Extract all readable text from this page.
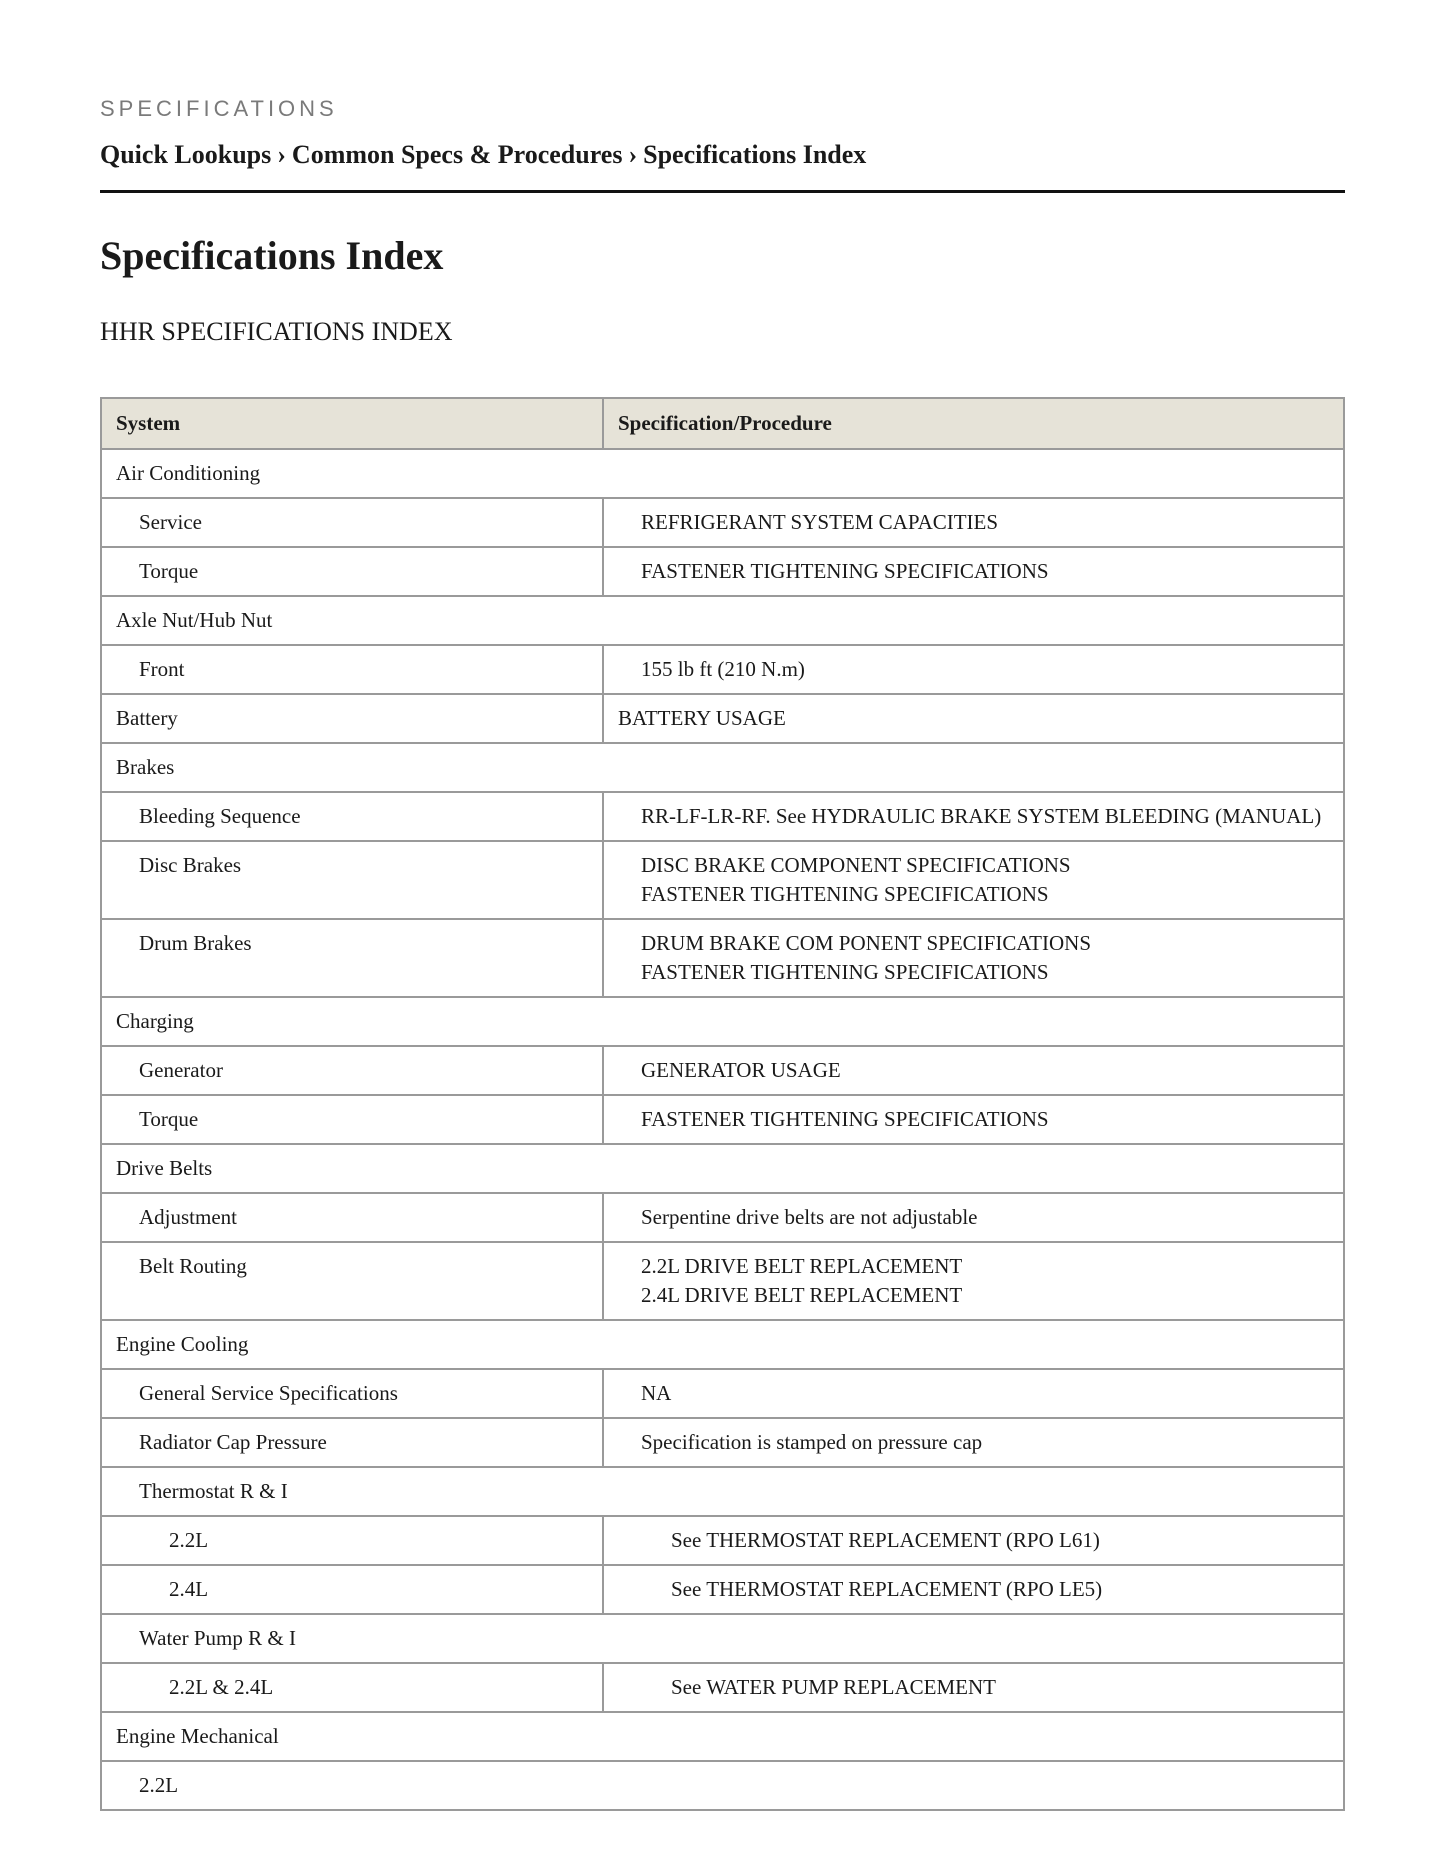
SPECIFICATIONS

Quick Lookups › Common Specs & Procedures › Specifications Index
Specifications Index
HHR SPECIFICATIONS INDEX
System	Specification/Procedure
Air Conditioning	
Service	REFRIGERANT SYSTEM CAPACITIES

Torque	FASTENER TIGHTENING SPECIFICATIONS

Axle Nut/Hub Nut	
Front	155 lb ft (210 N.m)

Battery	BATTERY USAGE

Brakes	
Bleeding Sequence	RR-LF-LR-RF. See HYDRAULIC BRAKE SYSTEM BLEEDING (MANUAL)

Disc Brakes	DISC BRAKE COMPONENT SPECIFICATIONS
FASTENER TIGHTENING SPECIFICATIONS

Drum Brakes	DRUM BRAKE COM PONENT SPECIFICATIONS
FASTENER TIGHTENING SPECIFICATIONS

Charging	
Generator	GENERATOR USAGE

Torque	FASTENER TIGHTENING SPECIFICATIONS

Drive Belts	
Adjustment	Serpentine drive belts are not adjustable

Belt Routing	2.2L DRIVE BELT REPLACEMENT
2.4L DRIVE BELT REPLACEMENT

Engine Cooling	
General Service Specifications	NA

Radiator Cap Pressure	Specification is stamped on pressure cap

Thermostat R & I	
2.2L	See THERMOSTAT REPLACEMENT (RPO L61)

2.4L	See THERMOSTAT REPLACEMENT (RPO LE5)

Water Pump R & I	
2.2L & 2.4L	See WATER PUMP REPLACEMENT

Engine Mechanical	
2.2L	
